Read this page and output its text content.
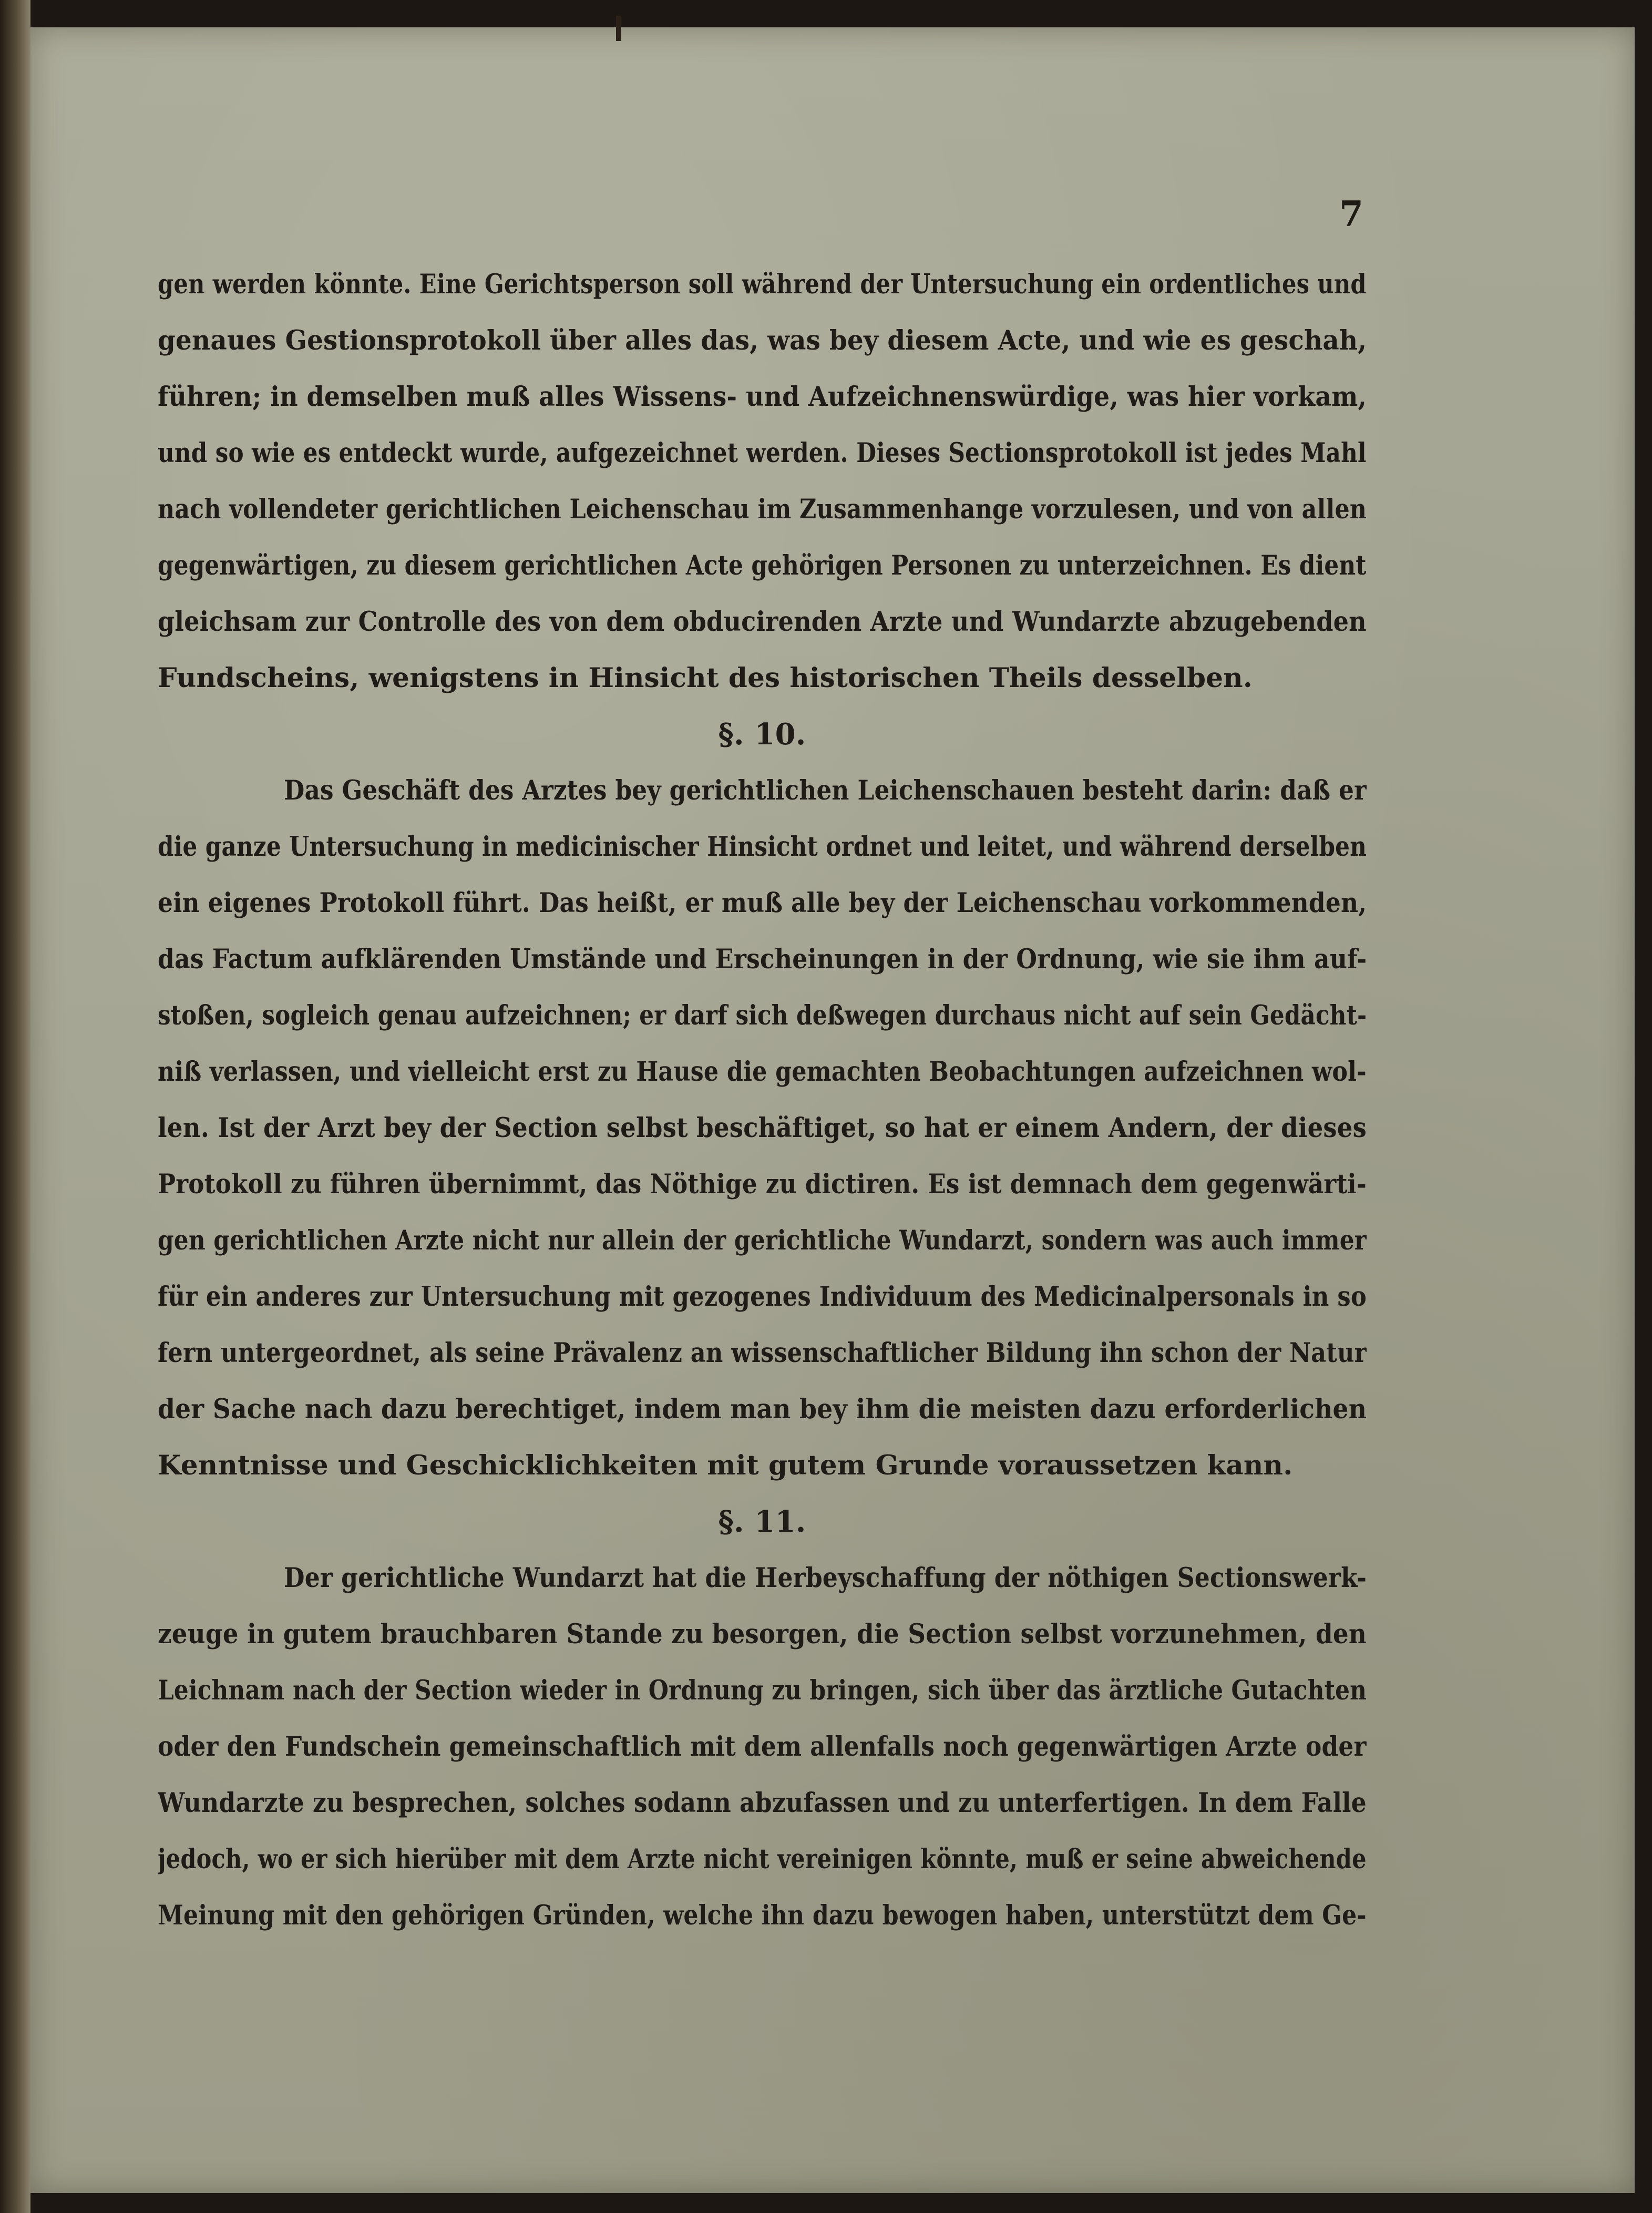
7
gen werden könnte. Eine Gerichtsperson soll während der Untersuchung ein ordentliches und
genaues Gestionsprotokoll über alles das, was bey diesem Acte, und wie es geschah,
führen; in demselben muß alles Wissens- und Aufzeichnenswürdige, was hier vorkam,
und so wie es entdeckt wurde, aufgezeichnet werden. Dieses Sectionsprotokoll ist jedes Mahl
nach vollendeter gerichtlichen Leichenschau im Zusammenhange vorzulesen, und von allen
gegenwärtigen, zu diesem gerichtlichen Acte gehörigen Personen zu unterzeichnen. Es dient
gleichsam zur Controlle des von dem obducirenden Arzte und Wundarzte abzugebenden
Fundscheins, wenigstens in Hinsicht des historischen Theils desselben.
§. 10.
Das Geschäft des Arztes bey gerichtlichen Leichenschauen besteht darin: daß er
die ganze Untersuchung in medicinischer Hinsicht ordnet und leitet, und während derselben
ein eigenes Protokoll führt. Das heißt, er muß alle bey der Leichenschau vorkommenden,
das Factum aufklärenden Umstände und Erscheinungen in der Ordnung, wie sie ihm auf-
stoßen, sogleich genau aufzeichnen; er darf sich deßwegen durchaus nicht auf sein Gedächt-
niß verlassen, und vielleicht erst zu Hause die gemachten Beobachtungen aufzeichnen wol-
len. Ist der Arzt bey der Section selbst beschäftiget, so hat er einem Andern, der dieses
Protokoll zu führen übernimmt, das Nöthige zu dictiren. Es ist demnach dem gegenwärti-
gen gerichtlichen Arzte nicht nur allein der gerichtliche Wundarzt, sondern was auch immer
für ein anderes zur Untersuchung mit gezogenes Individuum des Medicinalpersonals in so
fern untergeordnet, als seine Prävalenz an wissenschaftlicher Bildung ihn schon der Natur
der Sache nach dazu berechtiget, indem man bey ihm die meisten dazu erforderlichen
Kenntnisse und Geschicklichkeiten mit gutem Grunde voraussetzen kann.
§. 11.
Der gerichtliche Wundarzt hat die Herbeyschaffung der nöthigen Sectionswerk-
zeuge in gutem brauchbaren Stande zu besorgen, die Section selbst vorzunehmen, den
Leichnam nach der Section wieder in Ordnung zu bringen, sich über das ärztliche Gutachten
oder den Fundschein gemeinschaftlich mit dem allenfalls noch gegenwärtigen Arzte oder
Wundarzte zu besprechen, solches sodann abzufassen und zu unterfertigen. In dem Falle
jedoch, wo er sich hierüber mit dem Arzte nicht vereinigen könnte, muß er seine abweichende
Meinung mit den gehörigen Gründen, welche ihn dazu bewogen haben, unterstützt dem Ge-
